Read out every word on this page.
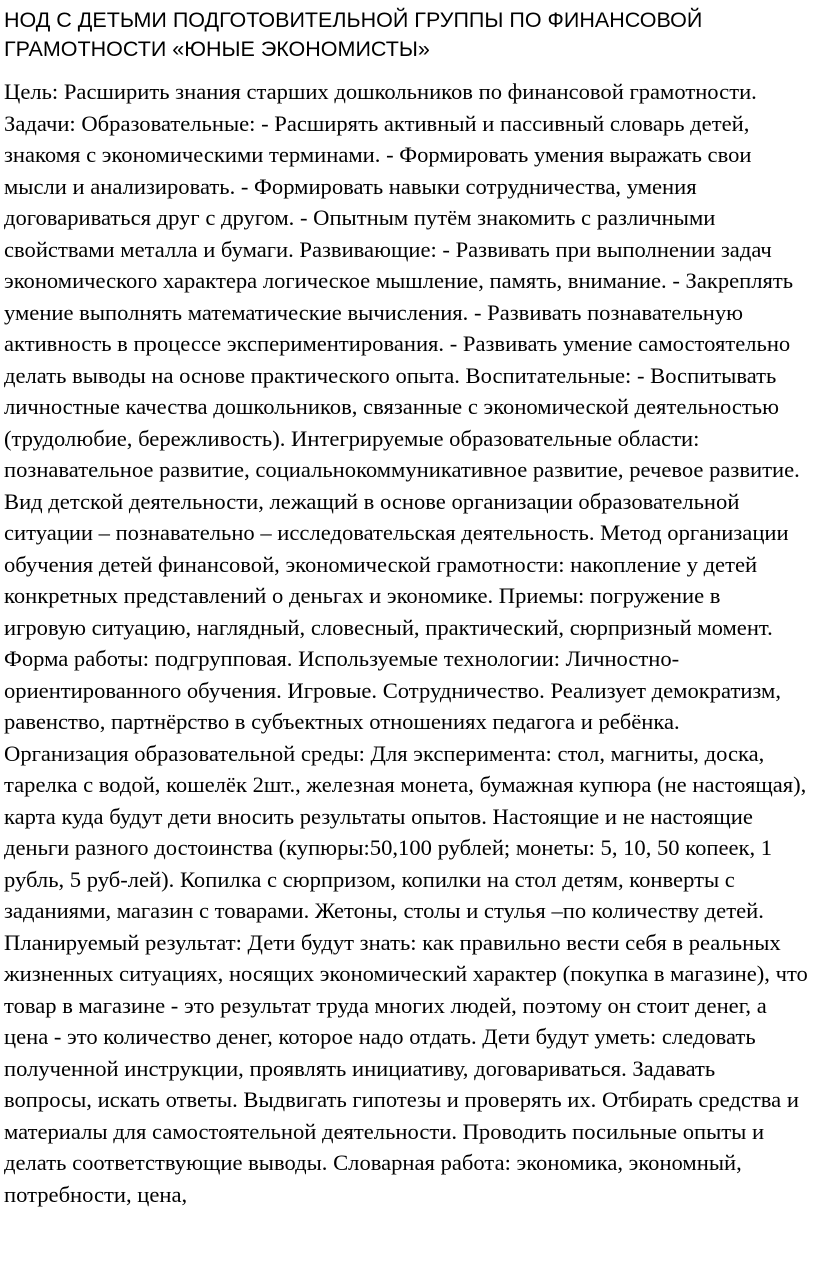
НОД С ДЕТЬМИ ПОДГОТОВИТЕЛЬНОЙ ГРУППЫ ПО ФИНАНСОВОЙ ГРАМОТНОСТИ «ЮНЫЕ ЭКОНОМИСТЫ»

Цель: Расширить знания старших дошкольников по финансовой грамотности. Задачи: Образовательные: - Расширять активный и пассивный словарь детей, знакомя с экономическими терминами. - Формировать умения выражать свои мысли и анализировать. - Формировать навыки сотрудничества, умения договариваться друг с другом. - Опытным путём знакомить с различными свойствами металла и бумаги. Развивающие: - Развивать при выполнении задач экономического характера логическое мышление, память, внимание. - Закреплять умение выполнять математические вычисления. - Развивать познавательную активность в процессе экспериментирования. - Развивать умение самостоятельно делать выводы на основе практического опыта. Воспитательные: - Воспитывать личностные качества дошкольников, связанные с экономической деятельностью (трудолюбие, бережливость). Интегрируемые образовательные области: познавательное развитие, социальнокоммуникативное развитие, речевое развитие. Вид детской деятельности, лежащий в основе организации образовательной ситуации – познавательно – исследовательская деятельность. Метод организации обучения детей финансовой, экономической грамотности: накопление у детей конкретных представлений о деньгах и экономике. Приемы: погружение в игровую ситуацию, наглядный, словесный, практический, сюрпризный момент. Форма работы: подгрупповая. Используемые технологии: Личностно-ориентированного обучения. Игровые. Сотрудничество. Реализует демократизм, равенство, партнёрство в субъектных отношениях педагога и ребёнка. Организация образовательной среды: Для эксперимента: стол, магниты, доска, тарелка с водой, кошелёк 2шт., железная монета, бумажная купюра (не настоящая), карта куда будут дети вносить результаты опытов. Настоящие и не настоящие деньги разного достоинства (купюры:50,100 рублей; монеты: 5, 10, 50 копеек, 1 рубль, 5 руб-лей). Копилка с сюрпризом, копилки на стол детям, конверты с заданиями, магазин с товарами. Жетоны, столы и стулья –по количеству детей. Планируемый результат: Дети будут знать: как правильно вести себя в реальных жизненных ситуациях, носящих экономический характер (покупка в магазине), что товар в магазине - это результат труда многих людей, поэтому он стоит денег, а цена - это количество денег, которое надо отдать. Дети будут уметь: следовать полученной инструкции, проявлять инициативу, договариваться. Задавать вопросы, искать ответы. Выдвигать гипотезы и проверять их. Отбирать средства и материалы для самостоятельной деятельности. Проводить посильные опыты и делать соответствующие выводы. Словарная работа: экономика, экономный, потребности, цена,
